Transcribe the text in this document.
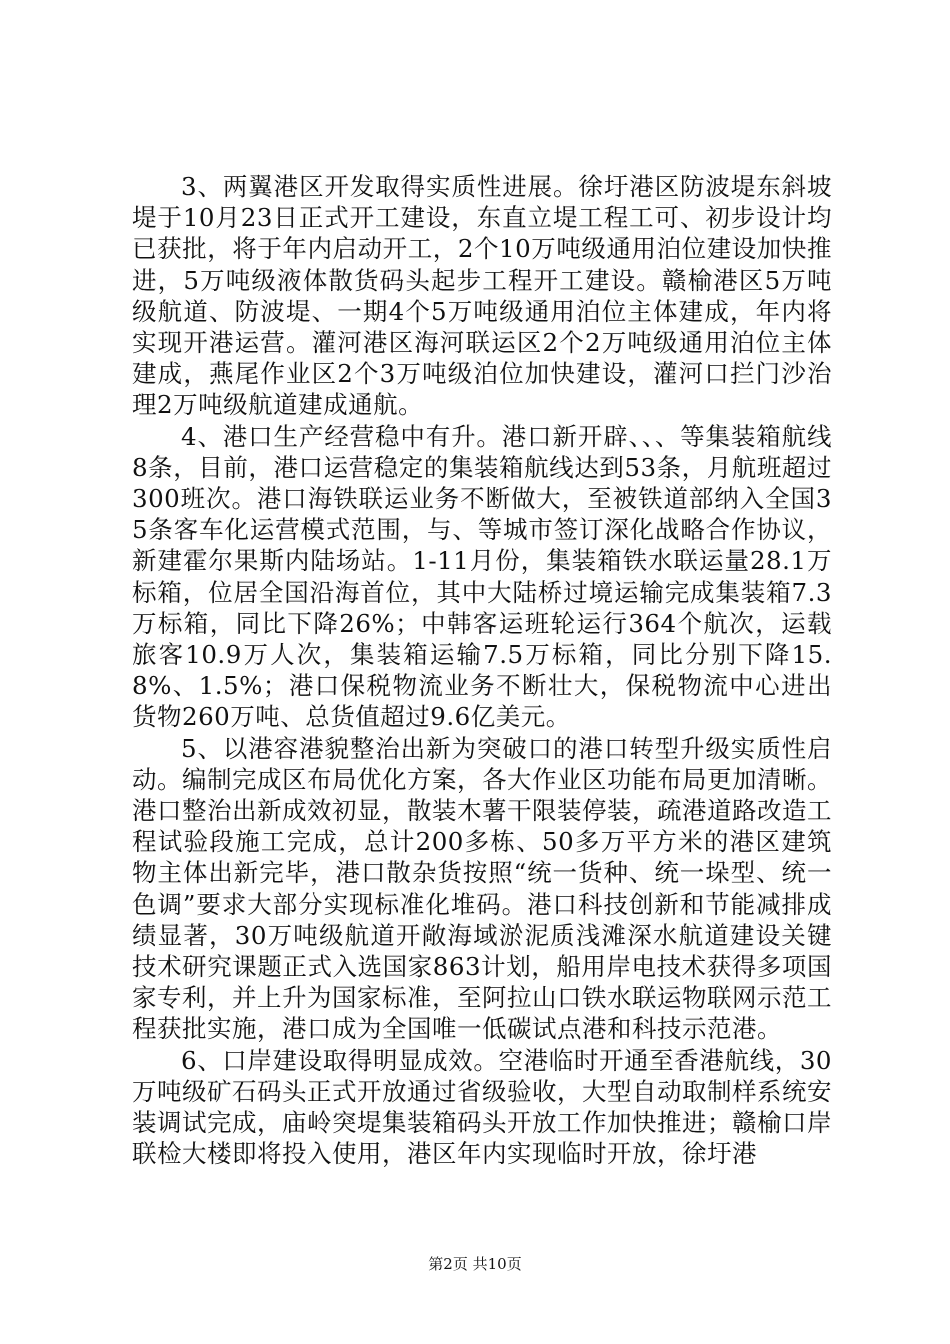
3、两翼港区开发取得实质性进展。徐圩港区防波堤东斜坡堤于10月23日正式开工建设，东直立堤工程工可、初步设计均已获批，将于年内启动开工，2个10万吨级通用泊位建设加快推进，5万吨级液体散货码头起步工程开工建设。赣榆港区5万吨级航道、防波堤、一期4个5万吨级通用泊位主体建成，年内将实现开港运营。灌河港区海河联运区2个2万吨级通用泊位主体建成，燕尾作业区2个3万吨级泊位加快建设，灌河口拦门沙治理2万吨级航道建成通航。

4、港口生产经营稳中有升。港口新开辟、、、等集装箱航线8条，目前，港口运营稳定的集装箱航线达到53条，月航班超过300班次。港口海铁联运业务不断做大，至被铁道部纳入全国35条客车化运营模式范围，与、等城市签订深化战略合作协议，新建霍尔果斯内陆场站。1-11月份，集装箱铁水联运量28.1万标箱，位居全国沿海首位，其中大陆桥过境运输完成集装箱7.3万标箱，同比下降26%；中韩客运班轮运行364个航次，运载旅客10.9万人次，集装箱运输7.5万标箱，同比分别下降15.8%、1.5%；港口保税物流业务不断壮大，保税物流中心进出货物260万吨、总货值超过9.6亿美元。

5、以港容港貌整治出新为突破口的港口转型升级实质性启动。编制完成区布局优化方案，各大作业区功能布局更加清晰。港口整治出新成效初显，散装木薯干限装停装，疏港道路改造工程试验段施工完成，总计200多栋、50多万平方米的港区建筑物主体出新完毕，港口散杂货按照“统一货种、统一垛型、统一色调”要求大部分实现标准化堆码。港口科技创新和节能减排成绩显著，30万吨级航道开敞海域淤泥质浅滩深水航道建设关键技术研究课题正式入选国家863计划，船用岸电技术获得多项国家专利，并上升为国家标准，至阿拉山口铁水联运物联网示范工程获批实施，港口成为全国唯一低碳试点港和科技示范港。

6、口岸建设取得明显成效。空港临时开通至香港航线，30万吨级矿石码头正式开放通过省级验收，大型自动取制样系统安装调试完成，庙岭突堤集装箱码头开放工作加快推进；赣榆口岸联检大楼即将投入使用，港区年内实现临时开放，徐圩港

第2页 共10页
